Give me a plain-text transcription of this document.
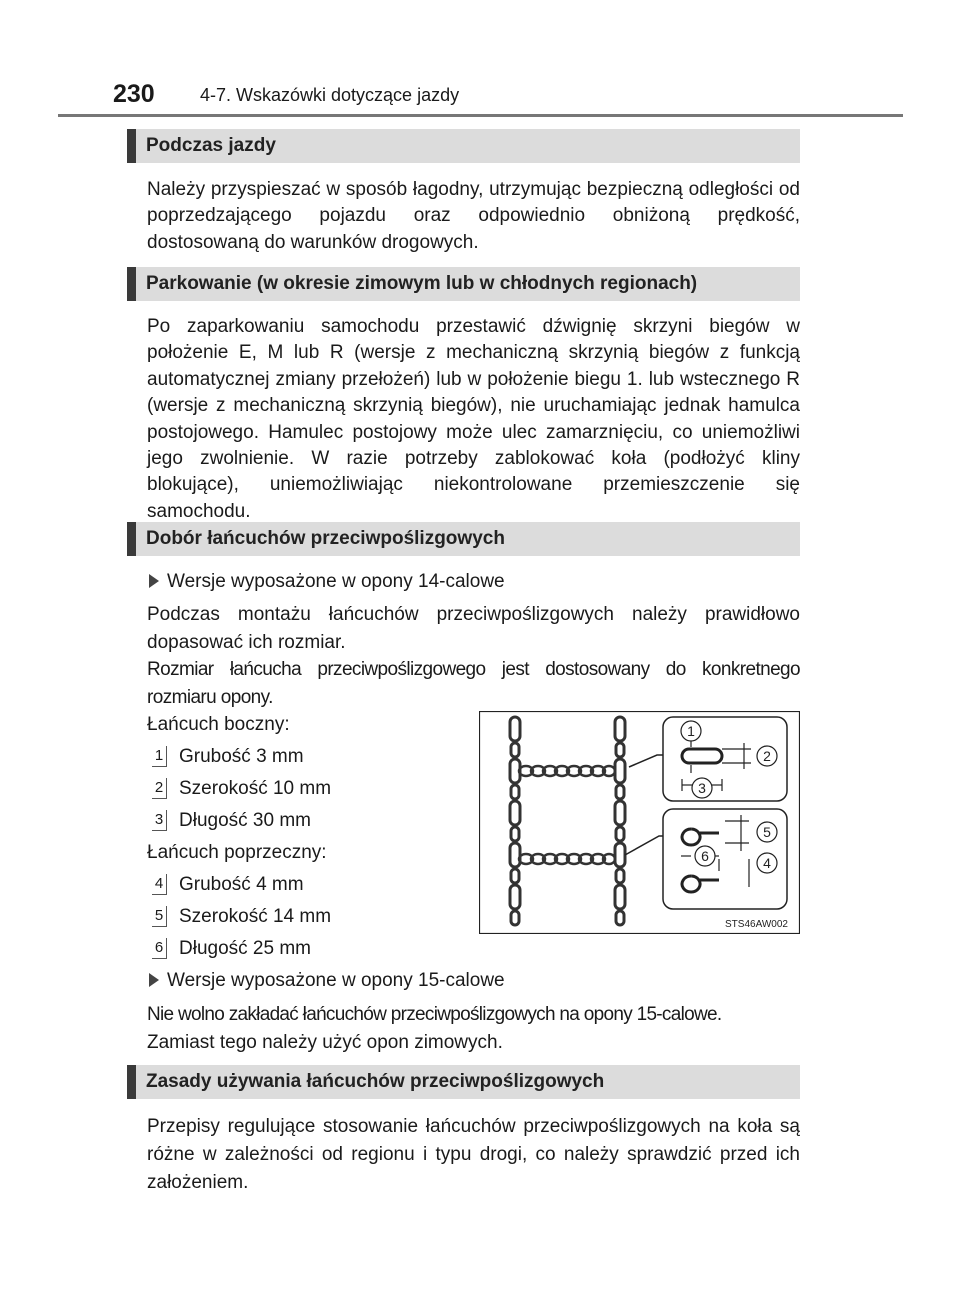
230	4-7. Wskazówki dotyczące jazdy
Podczas jazdy

Należy przyspieszać w sposób łagodny, utrzymując bezpieczną odległości od poprzedzającego pojazdu oraz odpowiednio obniżoną prędkość, dostosowaną do warunków drogowych.

Parkowanie (w okresie zimowym lub w chłodnych regionach)

Po zaparkowaniu samochodu przestawić dźwignię skrzyni biegów w położenie E, M lub R (wersje z mechaniczną skrzynią biegów z funkcją automatycznej zmiany przełożeń) lub w położenie biegu 1. lub wstecznego R (wersje z mechaniczną skrzynią biegów), nie uruchamiając jednak hamulca postojowego. Hamulec postojowy może ulec zamarznięciu, co uniemożliwi jego zwolnienie. W razie potrzeby zablokować koła (podłożyć kliny blokujące), uniemożliwiając niekontrolowane przemieszczenie się samochodu.

Dobór łańcuchów przeciwpoślizgowych
Wersje wyposażone w opony 14-calowe

Podczas montażu łańcuchów przeciwpoślizgowych należy prawidłowo dopasować ich rozmiar.

Rozmiar łańcucha przeciwpoślizgowego jest dostosowany do konkretnego rozmiaru opony.

Łańcuch boczny:
1 Grubość 3 mm
2 Szerokość 10 mm
3 Długość 30 mm
Łańcuch poprzeczny:
4 Grubość 4 mm
5 Szerokość 14 mm
6 Długość 25 mm
Wersje wyposażone w opony 15-calowe
Nie wolno zakładać łańcuchów przeciwpoślizgowych na opony 15-calowe.
Zamiast tego należy użyć opon zimowych.
Zasady używania łańcuchów przeciwpoślizgowych

Przepisy regulujące stosowanie łańcuchów przeciwpoślizgowych na koła są różne w zależności od regionu i typu drogi, co należy sprawdzić przed ich założeniem.

1
2
3
5
4
6
STS46AW002
